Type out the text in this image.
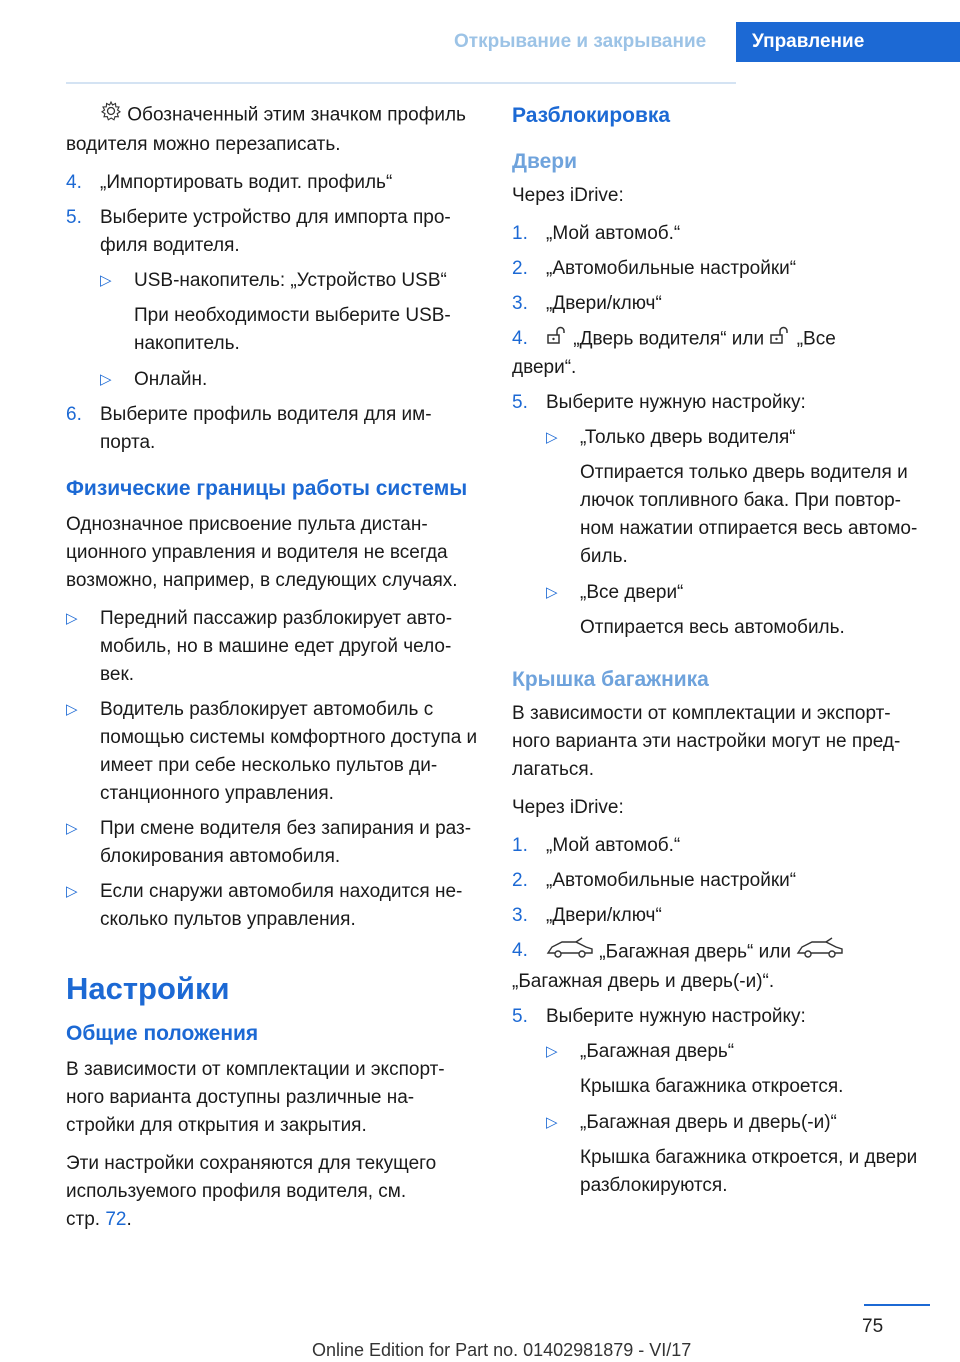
Открывание и закрывание	Управление

Обозначенный этим значком профиль
водителя можно перезаписать.

4. „Импортировать водит. профиль“
5. Выберите устройство для импорта про-филя водителя.
▷ USB-накопитель: „Устройство USB“
При необходимости выберите USB-накопитель.
▷ Онлайн.
6. Выберите профиль водителя для им-порта.
Физические границы работы системы

Однозначное присвоение пульта дистан-ционного управления и водителя не всегда возможно, например, в следующих случаях.

▷ Передний пассажир разблокирует авто-мобиль, но в машине едет другой чело-век.
▷ Водитель разблокирует автомобиль с помощью системы комфортного доступа и имеет при себе несколько пультов ди-станционного управления.
▷ При смене водителя без запирания и раз-блокирования автомобиля.
▷ Если снаружи автомобиля находится не-сколько пультов управления.
Настройки
Общие положения

В зависимости от комплектации и экспорт-ного варианта доступны различные на-стройки для открытия и закрытия.

Эти настройки сохраняются для текущего используемого профиля водителя, см.
стр. 72.

Разблокировка
Двери

Через iDrive:

1. „Мой автомоб.“
2. „Автомобильные настройки“
3. „Двери/ключ“
4. „Дверь водителя“ или „Все
двери“.
5. Выберите нужную настройку:
▷ „Только дверь водителя“
Отпирается только дверь водителя и лючок топливного бака. При повтор-ном нажатии отпирается весь автомо-биль.
▷ „Все двери“
Отпирается весь автомобиль.
Крышка багажника

В зависимости от комплектации и экспорт-ного варианта эти настройки могут не пред-лагаться.

Через iDrive:

1. „Мой автомоб.“
2. „Автомобильные настройки“
3. „Двери/ключ“
4.	„Багажная дверь“ или
„Багажная дверь и дверь(-и)“.
5. Выберите нужную настройку:
▷ „Багажная дверь“
Крышка багажника откроется.
▷ „Багажная дверь и дверь(-и)“
Крышка багажника откроется, и двери разблокируются.
75
Online Edition for Part no. 01402981879 - VI/17
